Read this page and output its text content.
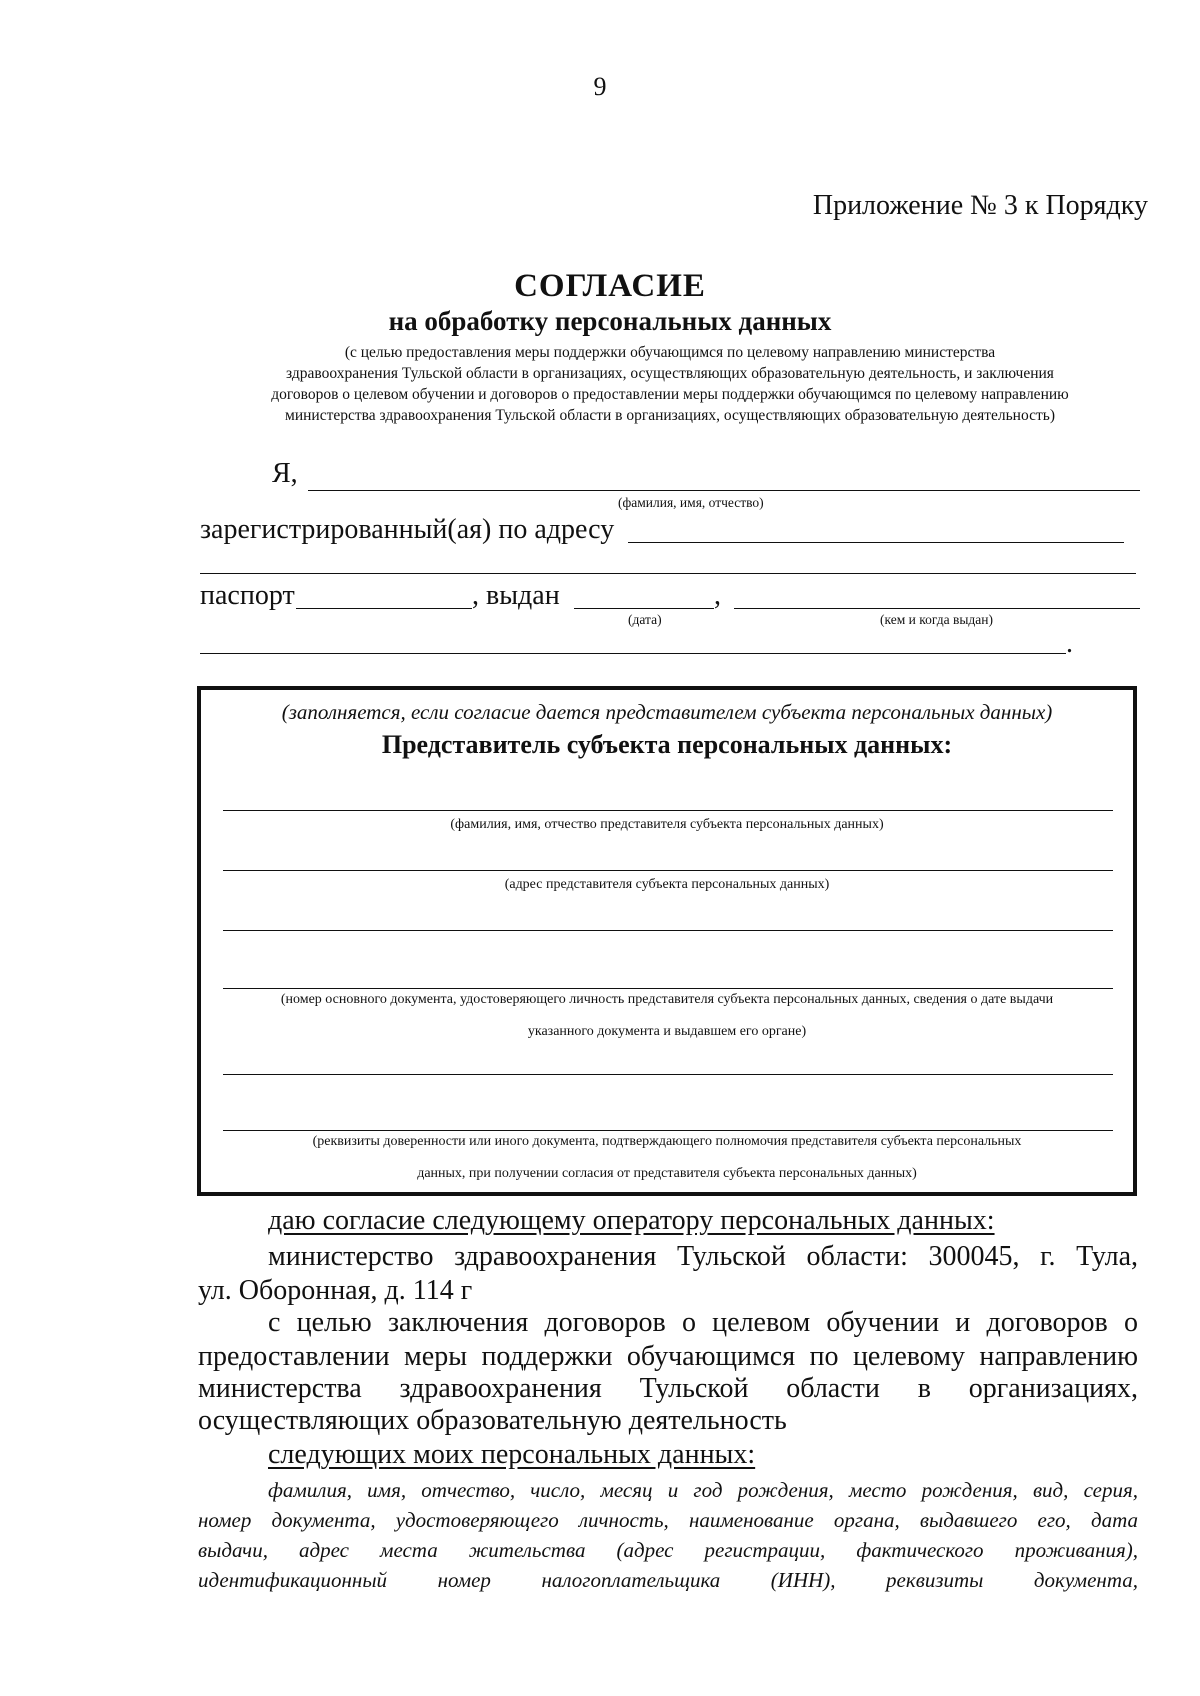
9
Приложение № 3 к Порядку
СОГЛАСИЕ
на обработку персональных данных
(с целью предоставления меры поддержки обучающимся по целевому направлению министерства
здравоохранения Тульской области в организациях, осуществляющих образовательную деятельность, и заключения
договоров о целевом обучении и договоров о предоставлении меры поддержки обучающимся по целевому направлению
министерства здравоохранения Тульской области в организациях, осуществляющих образовательную деятельность)
Я,
(фамилия, имя, отчество)
зарегистрированный(ая) по адресу
паспорт	, выдан	,
(дата)	(кем и когда выдан)
.
(заполняется, если согласие дается представителем субъекта персональных данных)
Представитель субъекта персональных данных:
(фамилия, имя, отчество представителя субъекта персональных данных)
(адрес представителя субъекта персональных данных)
(номер основного документа, удостоверяющего личность представителя субъекта персональных данных, сведения о дате выдачи
указанного документа и выдавшем его органе)
(реквизиты доверенности или иного документа, подтверждающего полномочия представителя субъекта персональных
данных, при получении согласия от представителя субъекта персональных данных)
даю согласие следующему оператору персональных данных:
министерство здравоохранения Тульской области: 300045, г. Тула,
ул. Оборонная, д. 114 г
с целью заключения договоров о целевом обучении и договоров о
предоставлении меры поддержки обучающимся по целевому направлению
министерства здравоохранения Тульской области в организациях,
осуществляющих образовательную деятельность
следующих моих персональных данных:
фамилия, имя, отчество, число, месяц и год рождения, место рождения, вид, серия,
номер документа, удостоверяющего личность, наименование органа, выдавшего его, дата
выдачи, адрес места жительства (адрес регистрации, фактического проживания),
идентификационный номер налогоплательщика (ИНН), реквизиты документа,
